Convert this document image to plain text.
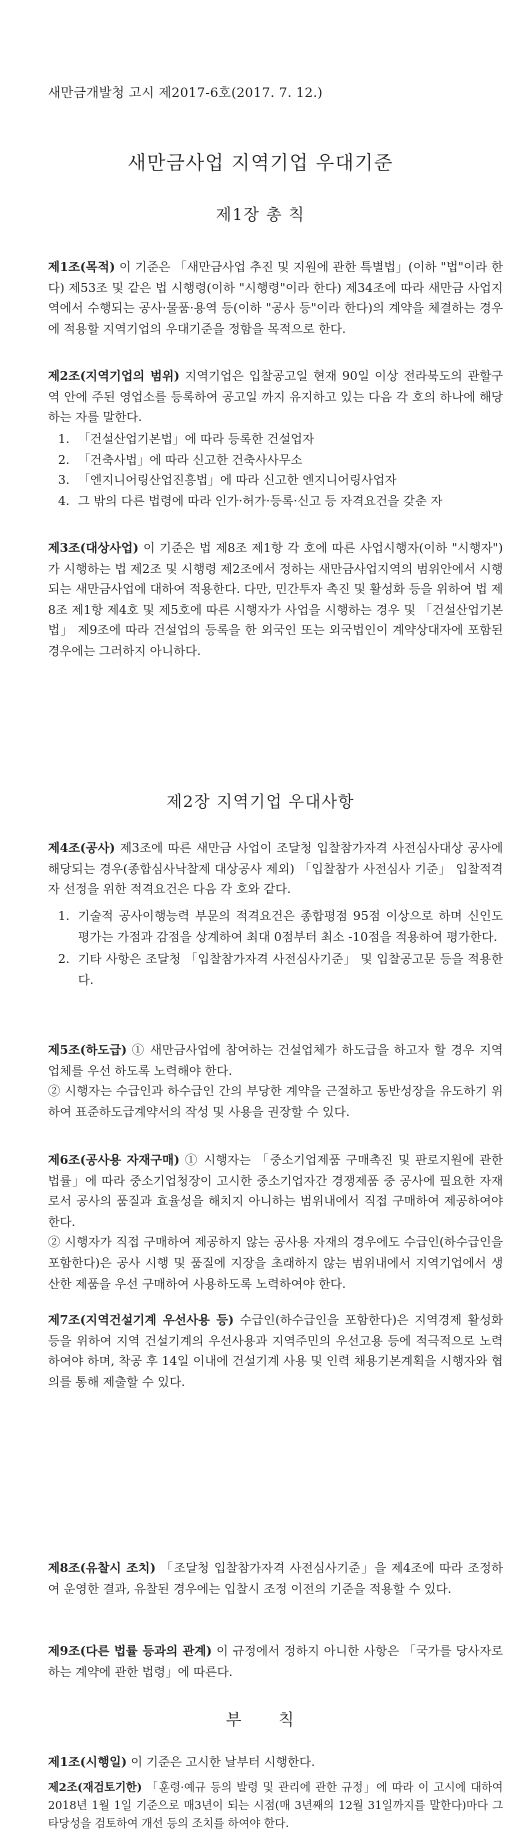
새만금개발청 고시 제2017-6호(2017. 7. 12.)
새만금사업 지역기업 우대기준
제1장 총 칙
제1조(목적) 이 기준은 「새만금사업 추진 및 지원에 관한 특별법」(이하 "법"이라 한다) 제53조 및 같은 법 시행령(이하 "시행령"이라 한다) 제34조에 따라 새만금 사업지역에서 수행되는 공사·물품·용역 등(이하 "공사 등"이라 한다)의 계약을 체결하는 경우에 적용할 지역기업의 우대기준을 정함을 목적으로 한다.
제2조(지역기업의 범위) 지역기업은 입찰공고일 현재 90일 이상 전라북도의 관할구역 안에 주된 영업소를 등록하여 공고일 까지 유지하고 있는 다음 각 호의 하나에 해당하는 자를 말한다.
1. 「건설산업기본법」에 따라 등록한 건설업자
2. 「건축사법」에 따라 신고한 건축사사무소
3. 「엔지니어링산업진흥법」에 따라 신고한 엔지니어링사업자
4. 그 밖의 다른 법령에 따라 인가·허가·등록·신고 등 자격요건을 갖춘 자
제3조(대상사업) 이 기준은 법 제8조 제1항 각 호에 따른 사업시행자(이하 "시행자")가 시행하는 법 제2조 및 시행령 제2조에서 정하는 새만금사업지역의 범위안에서 시행되는 새만금사업에 대하여 적용한다. 다만, 민간투자 촉진 및 활성화 등을 위하여 법 제8조 제1항 제4호 및 제5호에 따른 시행자가 사업을 시행하는 경우 및 「건설산업기본법」 제9조에 따라 건설업의 등록을 한 외국인 또는 외국법인이 계약상대자에 포함된 경우에는 그러하지 아니하다.
제2장 지역기업 우대사항
제4조(공사) 제3조에 따른 새만금 사업이 조달청 입찰참가자격 사전심사대상 공사에 해당되는 경우(종합심사낙찰제 대상공사 제외) 「입찰참가 사전심사 기준」 입찰적격자 선정을 위한 적격요건은 다음 각 호와 같다.
1. 기술적 공사이행능력 부문의 적격요건은 종합평점 95점 이상으로 하며 신인도 평가는 가점과 감점을 상계하여 최대 0점부터 최소 -10점을 적용하여 평가한다.
2. 기타 사항은 조달청 「입찰참가자격 사전심사기준」 및 입찰공고문 등을 적용한다.
제5조(하도급) ① 새만금사업에 참여하는 건설업체가 하도급을 하고자 할 경우 지역업체를 우선 하도록 노력해야 한다.
② 시행자는 수급인과 하수급인 간의 부당한 계약을 근절하고 동반성장을 유도하기 위하여 표준하도급계약서의 작성 및 사용을 권장할 수 있다.
제6조(공사용 자재구매) ① 시행자는 「중소기업제품 구매촉진 및 판로지원에 관한 법률」에 따라 중소기업청장이 고시한 중소기업자간 경쟁제품 중 공사에 필요한 자재로서 공사의 품질과 효율성을 해치지 아니하는 범위내에서 직접 구매하여 제공하여야 한다.
② 시행자가 직접 구매하여 제공하지 않는 공사용 자재의 경우에도 수급인(하수급인을 포함한다)은 공사 시행 및 품질에 지장을 초래하지 않는 범위내에서 지역기업에서 생산한 제품을 우선 구매하여 사용하도록 노력하여야 한다.
제7조(지역건설기계 우선사용 등) 수급인(하수급인을 포함한다)은 지역경제 활성화 등을 위하여 지역 건설기계의 우선사용과 지역주민의 우선고용 등에 적극적으로 노력하여야 하며, 착공 후 14일 이내에 건설기계 사용 및 인력 채용기본계획을 시행자와 협의를 통해 제출할 수 있다.
제8조(유찰시 조치) 「조달청 입찰참가자격 사전심사기준」을 제4조에 따라 조정하여 운영한 결과, 유찰된 경우에는 입찰시 조정 이전의 기준을 적용할 수 있다.
제9조(다른 법률 등과의 관계) 이 규정에서 정하지 아니한 사항은 「국가를 당사자로 하는 계약에 관한 법령」에 따른다.
부 칙
제1조(시행일) 이 기준은 고시한 날부터 시행한다.
제2조(재검토기한) 「훈령·예규 등의 발령 및 관리에 관한 규정」에 따라 이 고시에 대하여 2018년 1월 1일 기준으로 매3년이 되는 시점(매 3년째의 12월 31일까지를 말한다)마다 그 타당성을 검토하여 개선 등의 조치를 하여야 한다.
